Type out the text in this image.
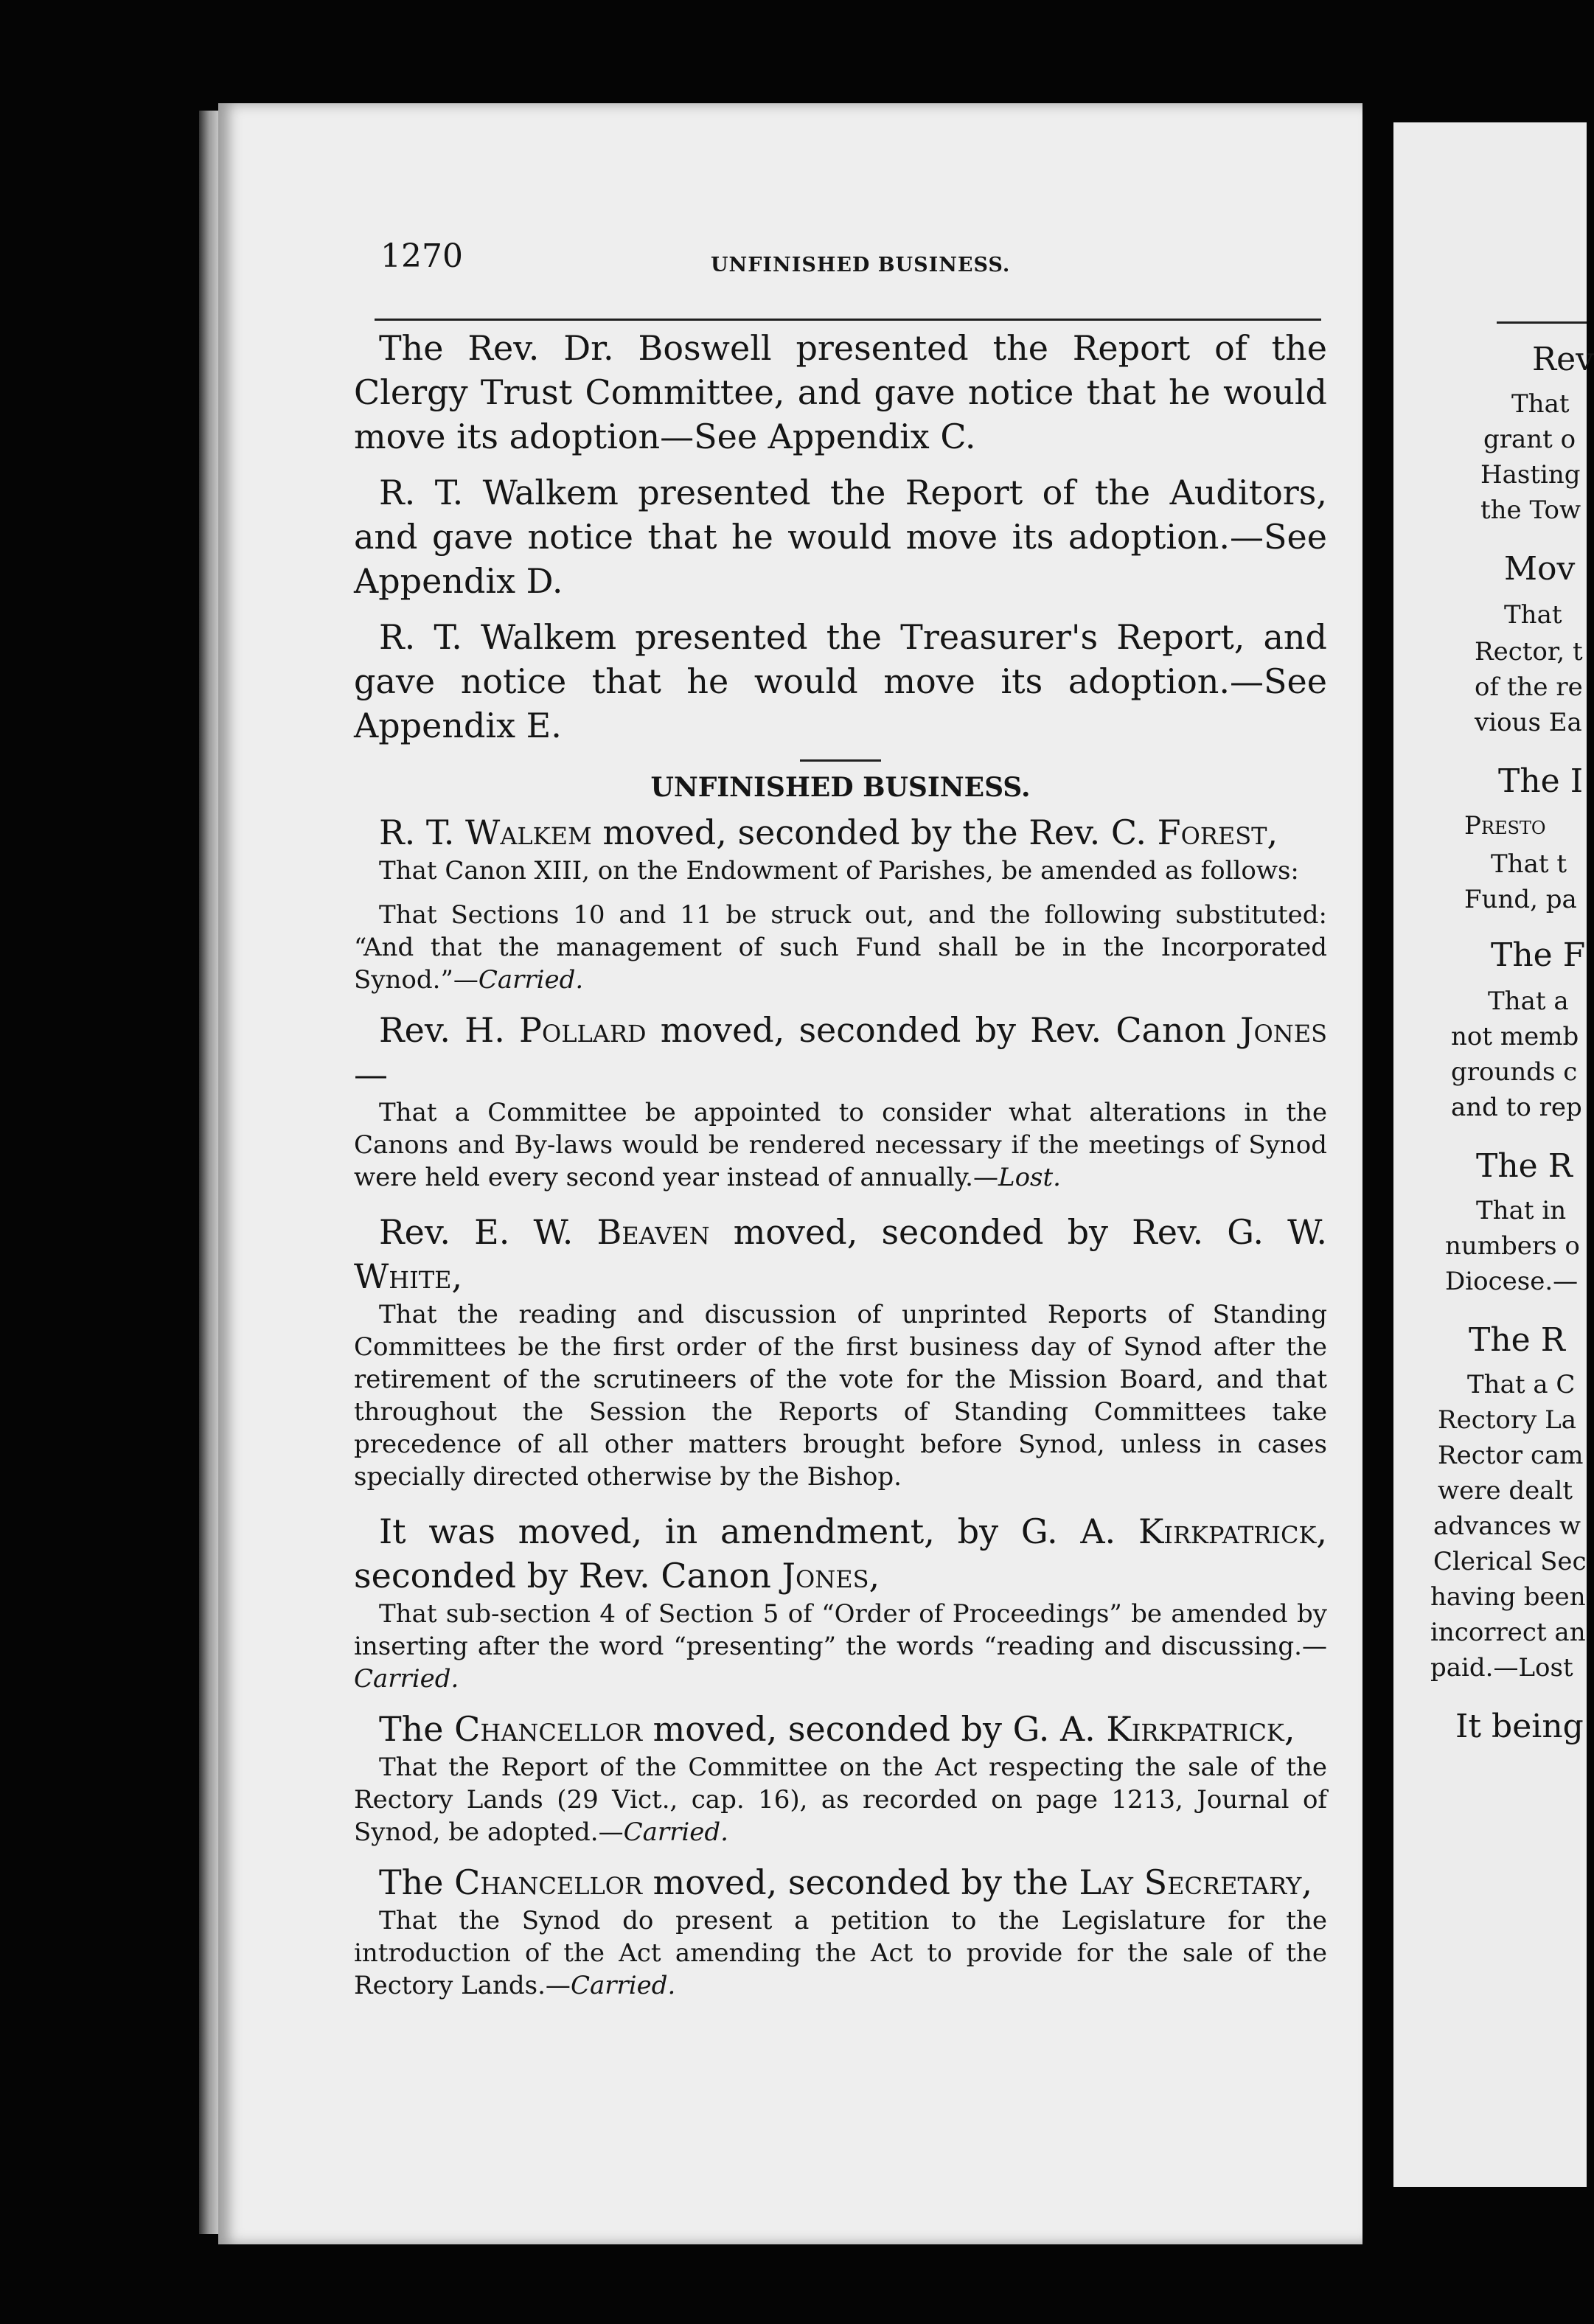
Rev
That
grant o
Hasting
the Tow
Mov
That
Rector, t
of the re
vious Ea
The I
Presto
That t
Fund, pa
The F
That a
not memb
grounds c
and to rep
The R
That in
numbers o
Diocese.—
The R
That a C
Rectory La
Rector cam
were dealt
advances w
Clerical Sec
having been
incorrect an
paid.—Lost
It being
1270	UNFINISHED BUSINESS.

The Rev. Dr. Boswell presented the Report of the Clergy Trust Committee, and gave notice that he would move its adoption—See Appendix C.

R. T. Walkem presented the Report of the Auditors, and gave notice that he would move its adoption.—See Appendix D.

R. T. Walkem presented the Treasurer's Report, and gave notice that he would move its adoption.—See Appendix E.

UNFINISHED BUSINESS.

R. T. Walkem moved, seconded by the Rev. C. Forest,

That Canon XIII, on the Endowment of Parishes, be amended as follows:

That Sections 10 and 11 be struck out, and the following substituted: “And that the management of such Fund shall be in the Incorporated Synod.”—Carried.

Rev. H. Pollard moved, seconded by Rev. Canon Jones—

That a Committee be appointed to consider what alterations in the Canons and By-laws would be rendered necessary if the meetings of Synod were held every second year instead of annually.—Lost.

Rev. E. W. Beaven moved, seconded by Rev. G. W. White,

That the reading and discussion of unprinted Reports of Standing Committees be the first order of the first business day of Synod after the retirement of the scrutineers of the vote for the Mission Board, and that throughout the Session the Reports of Standing Committees take precedence of all other matters brought before Synod, unless in cases specially directed otherwise by the Bishop.

It was moved, in amendment, by G. A. Kirkpatrick, seconded by Rev. Canon Jones,

That sub-section 4 of Section 5 of “Order of Proceedings” be amended by inserting after the word “presenting” the words “reading and discussing.—Carried.

The Chancellor moved, seconded by G. A. Kirkpatrick,

That the Report of the Committee on the Act respecting the sale of the Rectory Lands (29 Vict., cap. 16), as recorded on page 1213, Journal of Synod, be adopted.—Carried.

The Chancellor moved, seconded by the Lay Secretary,

That the Synod do present a petition to the Legislature for the introduction of the Act amending the Act to provide for the sale of the Rectory Lands.—Carried.
